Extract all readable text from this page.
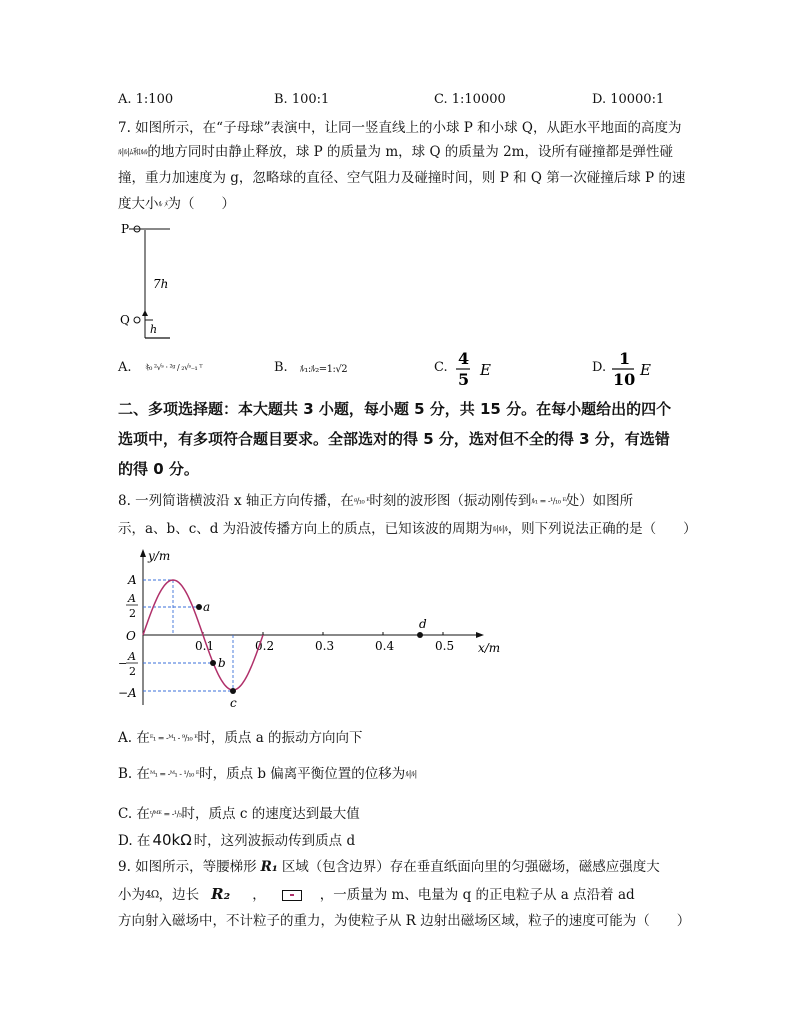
A. 1:100	B. 100:1	C. 1:10000	D. 10000:1
7. 如图所示，在“子母球”表演中，让同一竖直线上的小球 P 和小球 Q，从距水平地面的高度为
ﾙ|ﾙ|ﾑ和ﾙﾙ的地方同时由静止释放，球 P 的质量为 m，球 Q 的质量为 2m，设所有碰撞都是弹性碰
撞，重力加速度为 g，忽略球的直径、空气阻力及碰撞时间，则 P 和 Q 第一次碰撞后球 P 的速
度大小ﾙ ﾒ为（　　）
P
Q
7h
h
A. ｷ₀ ²√ˢ · ²ᵍ / ₂√ˢ₋₁ ᵀ	B. ﾙ₁:ﾙ₂=1:√2	C.	D.
4
5 E
1
10 E
二、多项选择题：本大题共 3 小题，每小题 5 分，共 15 分。在每小题给出的四个
选项中，有多项符合题目要求。全部选对的得 5 分，选对但不全的得 3 分，有选错
的得 0 分。
8. 一列简谐横波沿 x 轴正方向传播，在ᵍ/₁₀ ᴱ时刻的波形图（振动刚传到ﾙ₁ = -¹/₁₀ ᴱ处）如图所
示，a、b、c、d 为沿波传播方向上的质点，已知该波的周期为ﾙ|ﾙ|ﾙ，则下列说法正确的是（　　）
y/m
x/m
O
A
A
2
−
A
2
−A
0.1	0.2	0.3	0.4	0.5
a
b
c
d
A. 在ᴱ₁ = -ᴹ₁ - ⁹/₁₀ ᴱ时，质点 a 的振动方向向下
B. 在ᴹ₁ = -ᴹ₁ - ¹/₁₀ ᴱ时，质点 b 偏离平衡位置的位移为ﾙ|ﾙ|
C. 在ᵗ/ᴹᴱ = -¹/₅时，质点 c 的速度达到最大值
D. 在 40kΩ 时，这列波振动传到质点 d
9. 如图所示，等腰梯形 R₁ 区域（包含边界）存在垂直纸面向里的匀强磁场，磁感应强度大
小为4Ω，边长 R₂ ，	，一质量为 m、电量为 q 的正电粒子从 a 点沿着 ad
方向射入磁场中，不计粒子的重力，为使粒子从 R 边射出磁场区域，粒子的速度可能为（　　）
